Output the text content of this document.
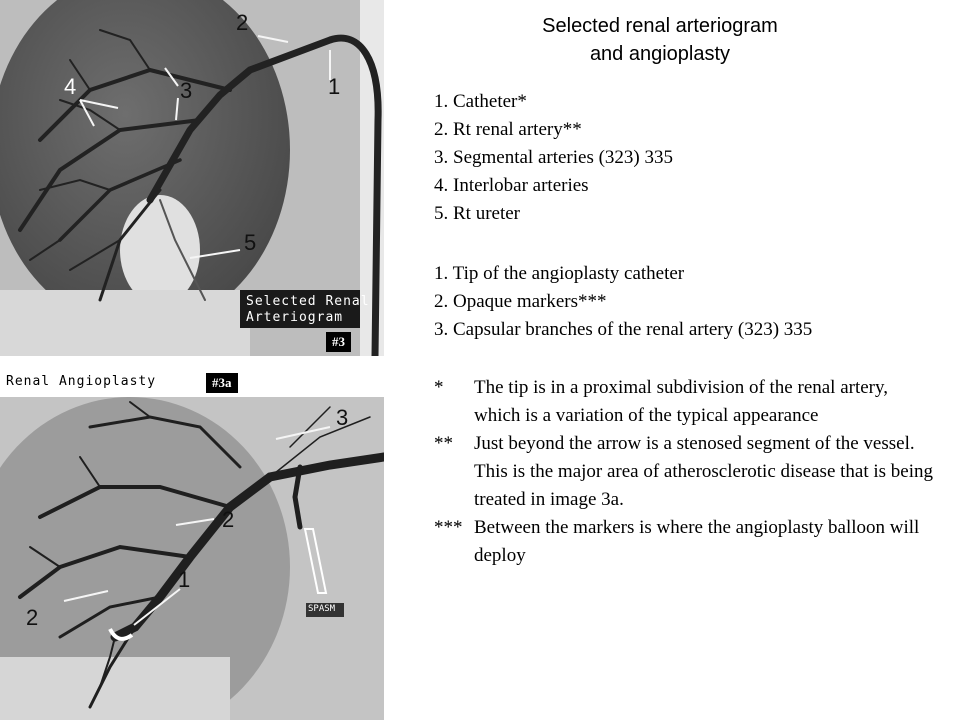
2
1
3
4
5
Selected Renal
Arteriogram
#3
Renal Angioplasty	#3a
3
2
1
2	SPASM
Selected renal arteriogram
and angioplasty
1. Catheter*
2. Rt renal artery**
3. Segmental arteries (323) 335
4. Interlobar arteries
5. Rt ureter
1. Tip of the angioplasty catheter
2. Opaque markers***
3. Capsular branches of the renal artery (323) 335
*	The tip is in a proximal subdivision of the renal artery, which is a variation of the typical appearance
**	Just beyond the arrow is a stenosed segment of the vessel. This is the major area of atherosclerotic disease that is being treated in image 3a.
*** Between the markers is where the angioplasty balloon will deploy
